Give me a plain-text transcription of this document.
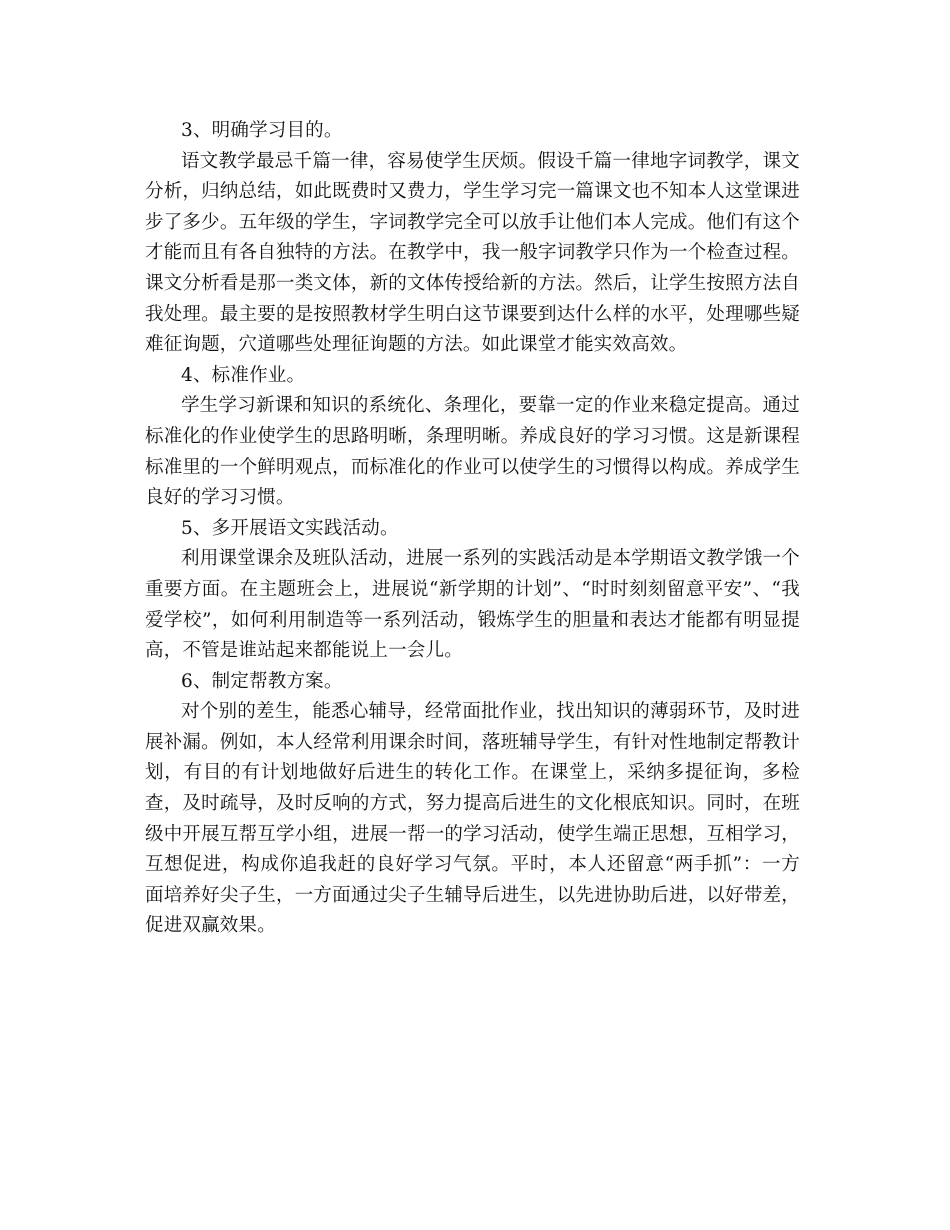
3、明确学习目的。

语文教学最忌千篇一律，容易使学生厌烦。假设千篇一律地字词教学，课文分析，归纳总结，如此既费时又费力，学生学习完一篇课文也不知本人这堂课进步了多少。五年级的学生，字词教学完全可以放手让他们本人完成。他们有这个才能而且有各自独特的方法。在教学中，我一般字词教学只作为一个检查过程。课文分析看是那一类文体，新的文体传授给新的方法。然后，让学生按照方法自我处理。最主要的是按照教材学生明白这节课要到达什么样的水平，处理哪些疑难征询题，穴道哪些处理征询题的方法。如此课堂才能实效高效。

4、标准作业。

学生学习新课和知识的系统化、条理化，要靠一定的作业来稳定提高。通过标准化的作业使学生的思路明晰，条理明晰。养成良好的学习习惯。这是新课程标准里的一个鲜明观点，而标准化的作业可以使学生的习惯得以构成。养成学生良好的学习习惯。

5、多开展语文实践活动。

利用课堂课余及班队活动，进展一系列的实践活动是本学期语文教学饿一个重要方面。在主题班会上，进展说“新学期的计划”、“时时刻刻留意平安”、“我爱学校”，如何利用制造等一系列活动，锻炼学生的胆量和表达才能都有明显提高，不管是谁站起来都能说上一会儿。

6、制定帮教方案。

对个别的差生，能悉心辅导，经常面批作业，找出知识的薄弱环节，及时进展补漏。例如，本人经常利用课余时间，落班辅导学生，有针对性地制定帮教计划，有目的有计划地做好后进生的转化工作。在课堂上，采纳多提征询，多检查，及时疏导，及时反响的方式，努力提高后进生的文化根底知识。同时，在班级中开展互帮互学小组，进展一帮一的学习活动，使学生端正思想，互相学习，互想促进，构成你追我赶的良好学习气氛。平时，本人还留意“两手抓”：一方面培养好尖子生，一方面通过尖子生辅导后进生，以先进协助后进，以好带差，促进双赢效果。
